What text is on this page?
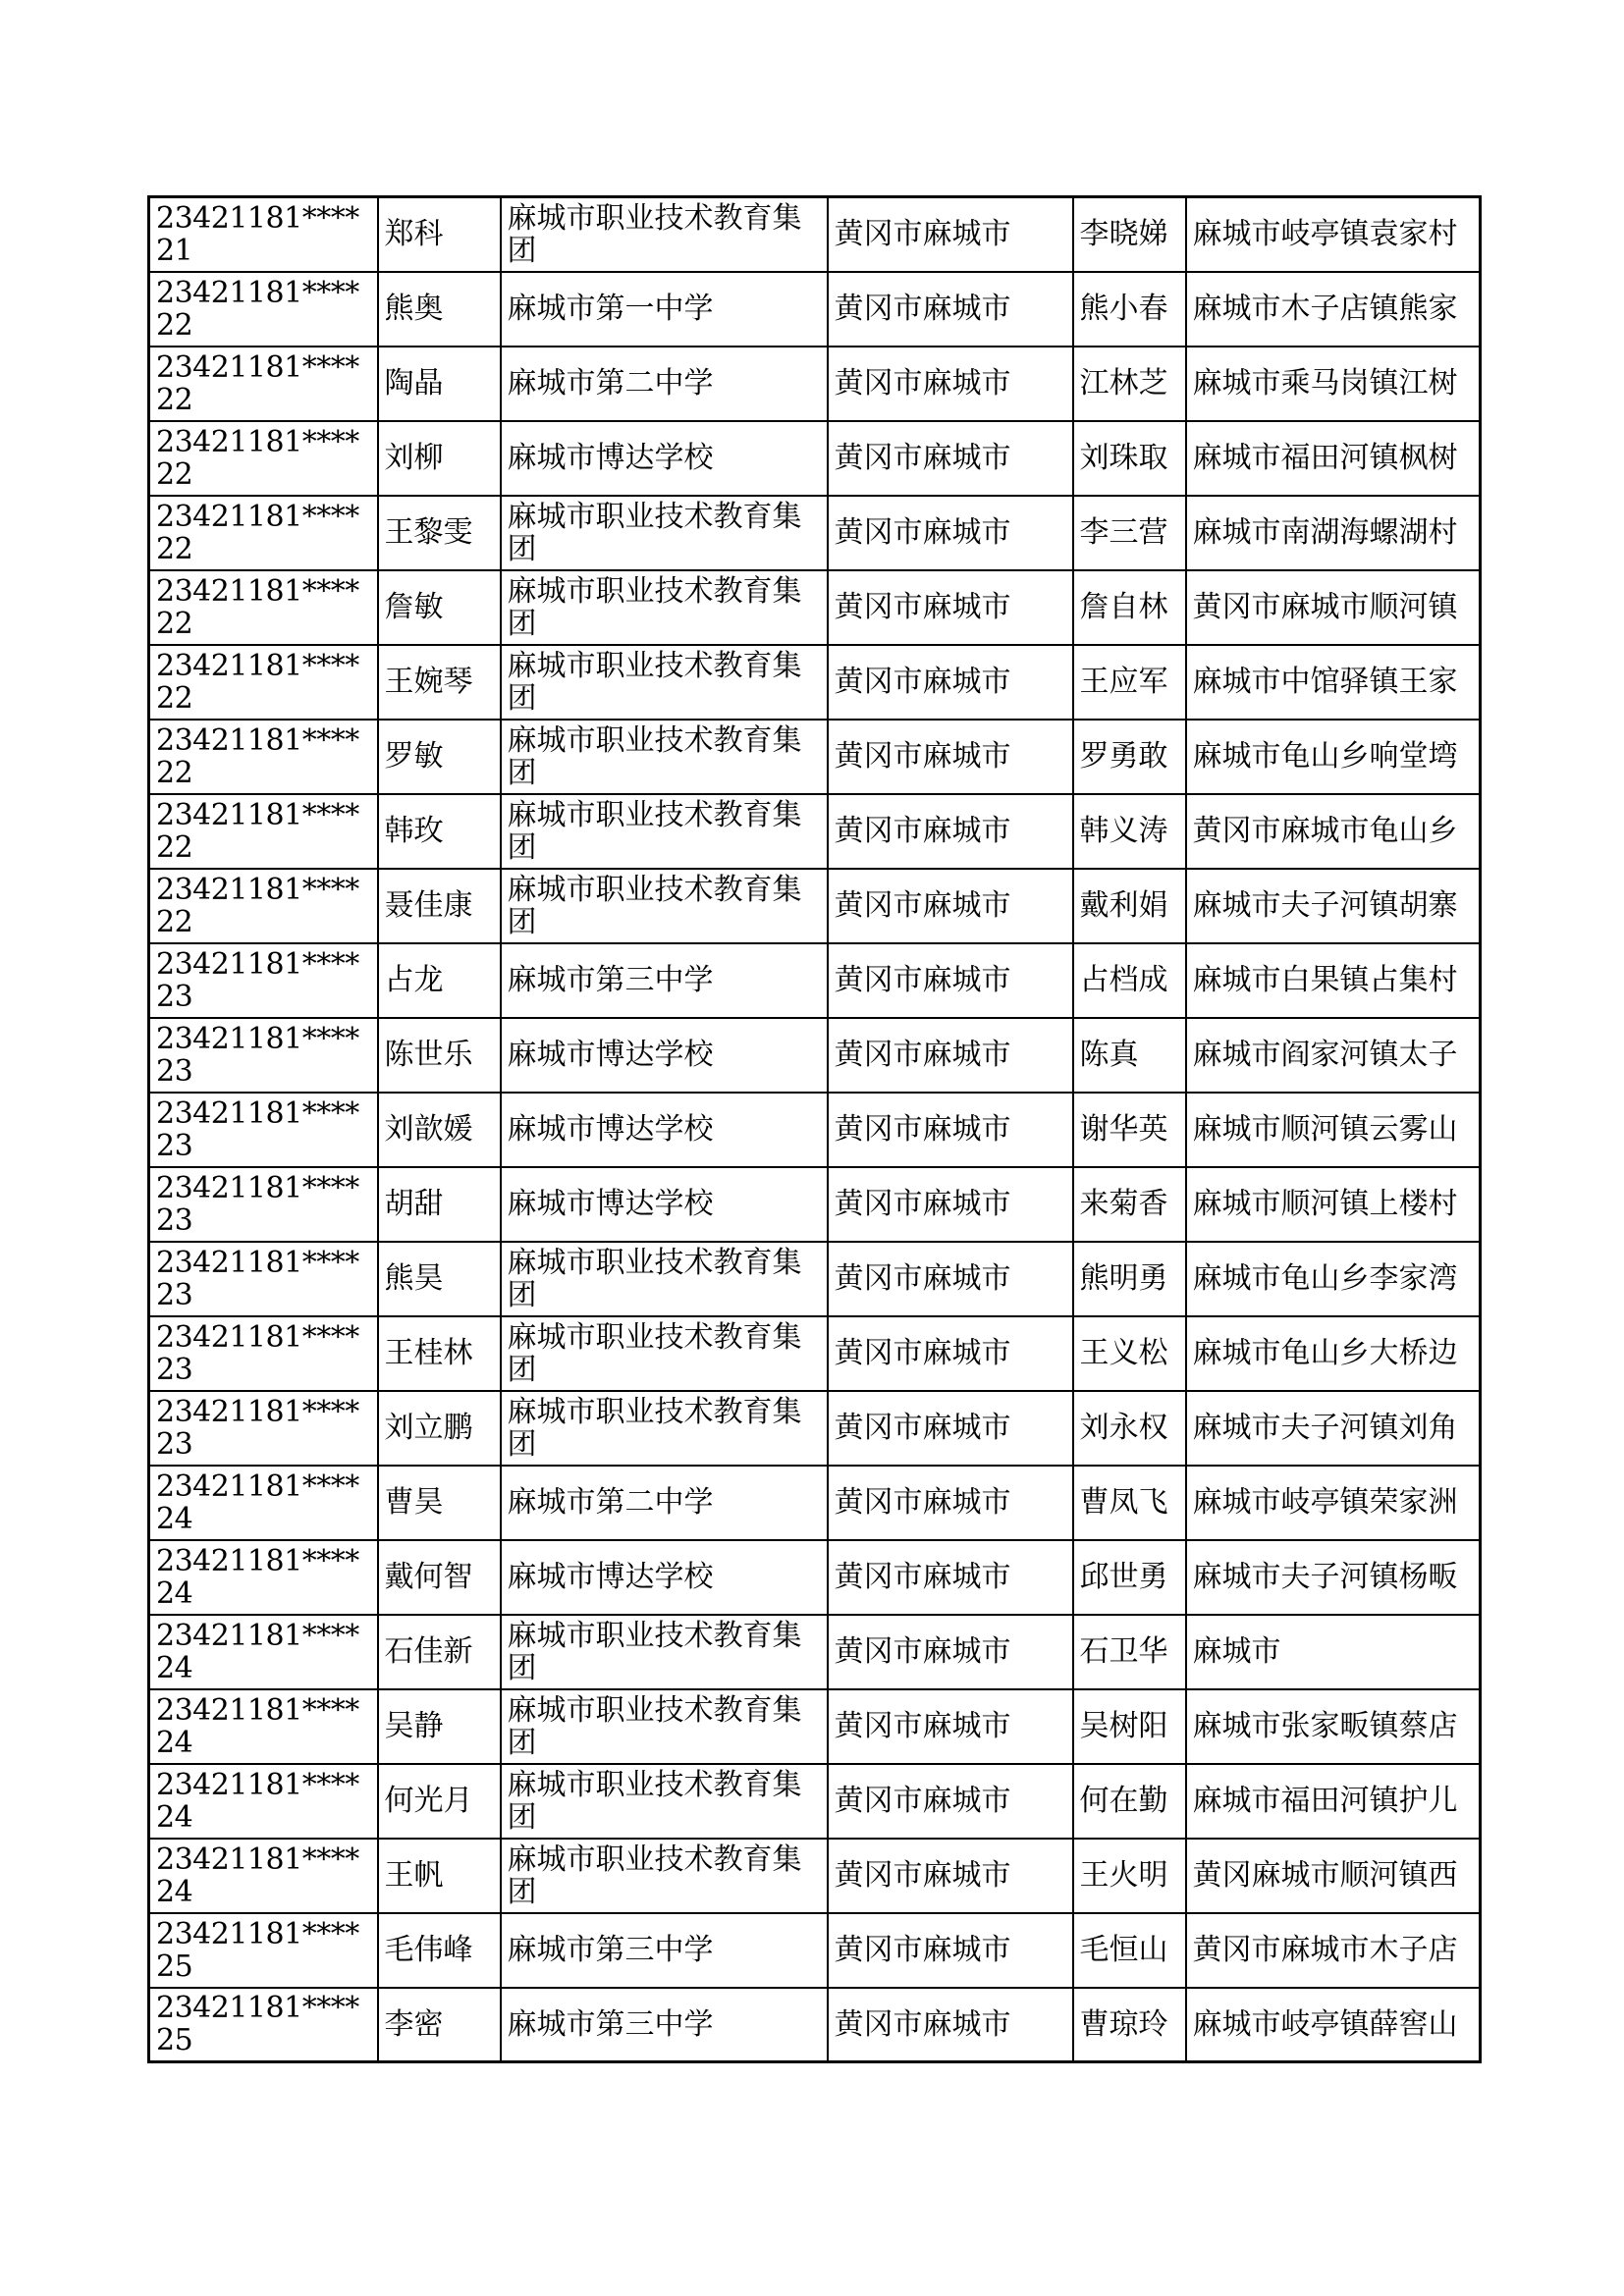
23421181****21	郑科	麻城市职业技术教育集团	黄冈市麻城市	李晓娣	麻城市岐亭镇袁家村
23421181****22	熊奥	麻城市第一中学	黄冈市麻城市	熊小春	麻城市木子店镇熊家
23421181****22	陶晶	麻城市第二中学	黄冈市麻城市	江林芝	麻城市乘马岗镇江树
23421181****22	刘柳	麻城市博达学校	黄冈市麻城市	刘珠取	麻城市福田河镇枫树
23421181****22	王黎雯	麻城市职业技术教育集团	黄冈市麻城市	李三营	麻城市南湖海螺湖村
23421181****22	詹敏	麻城市职业技术教育集团	黄冈市麻城市	詹自林	黄冈市麻城市顺河镇
23421181****22	王婉琴	麻城市职业技术教育集团	黄冈市麻城市	王应军	麻城市中馆驿镇王家
23421181****22	罗敏	麻城市职业技术教育集团	黄冈市麻城市	罗勇敢	麻城市龟山乡响堂塆
23421181****22	韩玫	麻城市职业技术教育集团	黄冈市麻城市	韩义涛	黄冈市麻城市龟山乡
23421181****22	聂佳康	麻城市职业技术教育集团	黄冈市麻城市	戴利娟	麻城市夫子河镇胡寨
23421181****23	占龙	麻城市第三中学	黄冈市麻城市	占档成	麻城市白果镇占集村
23421181****23	陈世乐	麻城市博达学校	黄冈市麻城市	陈真	麻城市阎家河镇太子
23421181****23	刘歆媛	麻城市博达学校	黄冈市麻城市	谢华英	麻城市顺河镇云雾山
23421181****23	胡甜	麻城市博达学校	黄冈市麻城市	来菊香	麻城市顺河镇上楼村
23421181****23	熊昊	麻城市职业技术教育集团	黄冈市麻城市	熊明勇	麻城市龟山乡李家湾
23421181****23	王桂林	麻城市职业技术教育集团	黄冈市麻城市	王义松	麻城市龟山乡大桥边
23421181****23	刘立鹏	麻城市职业技术教育集团	黄冈市麻城市	刘永权	麻城市夫子河镇刘角
23421181****24	曹昊	麻城市第二中学	黄冈市麻城市	曹凤飞	麻城市岐亭镇荣家洲
23421181****24	戴何智	麻城市博达学校	黄冈市麻城市	邱世勇	麻城市夫子河镇杨畈
23421181****24	石佳新	麻城市职业技术教育集团	黄冈市麻城市	石卫华	麻城市
23421181****24	吴静	麻城市职业技术教育集团	黄冈市麻城市	吴树阳	麻城市张家畈镇蔡店
23421181****24	何光月	麻城市职业技术教育集团	黄冈市麻城市	何在勤	麻城市福田河镇护儿
23421181****24	王帆	麻城市职业技术教育集团	黄冈市麻城市	王火明	黄冈麻城市顺河镇西
23421181****25	毛伟峰	麻城市第三中学	黄冈市麻城市	毛恒山	黄冈市麻城市木子店
23421181****25	李密	麻城市第三中学	黄冈市麻城市	曹琼玲	麻城市岐亭镇薛窖山
